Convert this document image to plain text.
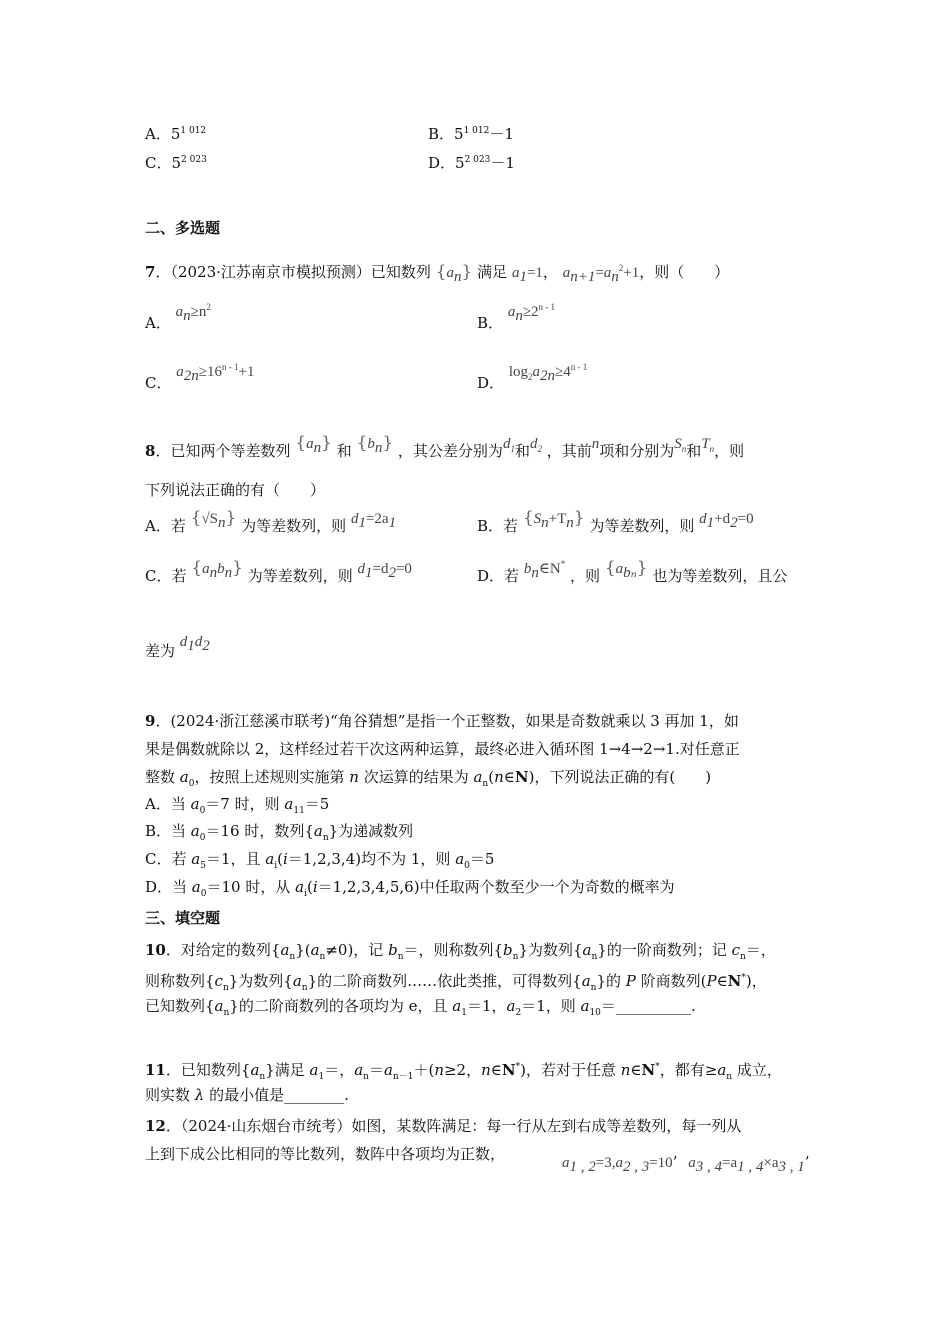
A．$5^{1 012}$	B．$5^{1 012}-1$
C．$5^{2 023}$	D．$5^{2 023}-1$
二、多选题
7．（2023·江苏南京市模拟预测）已知数列 $\{a_n\}$ 满足 $a_1=1$， $a_{n+1}=a_n^2+1$，则（　　）
A． $a_n\ge n^2$
B． $a_n\ge 2^{n - 1}$
C． $a_{2n}\ge 16^{n - 1}+1$
D． $\log_2a_{2n}\ge 4^{n - 1}$
8．已知两个等差数列 $\{a_n\}$ 和 $\{b_n\}$ ，其公差分别为$d_1$和$d_2$ ，其前n项和分别为$S_n$和$T_n$，则
下列说法正确的有（　　）
A．若 $\{√S_n\}$ 为等差数列，则 $d_1=2a_1$	B．若 $\{S_n+T_n\}$ 为等差数列，则 $d_1+d_2=0$
C．若 $\{a_nb_n\}$ 为等差数列，则 $d_1=d_2=0$	D．若 $b_n\in N^*$ ，则 $\{a_{b_n}\}$ 也为等差数列，且公
差为 $d_1d_2$
9．(2024·浙江慈溪市联考)“角谷猜想”是指一个正整数，如果是奇数就乘以 3 再加 1，如
果是偶数就除以 2，这样经过若干次这两种运算，最终必进入循环图 1→4→2→1.对任意正
整数 $a_0$，按照上述规则实施第 n 次运算的结果为 $a_n(n\in N)$，下列说法正确的有(　　)
A．当 $a_0=7$ 时，则 $a_{11}=5$
B．当 $a_0=16$ 时，数列$\{a_n\}$为递减数列
C．若 $a_5=1$，且 $a_i(i=1,2,3,4)$均不为 1，则 $a_0=5$
D．当 $a_0=10$ 时，从 $a_i(i=1,2,3,4,5,6)$中任取两个数至少一个为奇数的概率为
三、填空题
10．对给定的数列$\{a_n\}(a_n\ne 0)$，记 $b_n=$，则称数列$\{b_n\}$为数列$\{a_n\}$的一阶商数列；记 $c_n=$，
则称数列$\{c_n\}$为数列$\{a_n\}$的二阶商数列……依此类推，可得数列$\{a_n\}$的 P 阶商数列(P∈N*)，
已知数列$\{a_n\}$的二阶商数列的各项均为 e，且 $a_1=1$，$a_2=1$，则 $a_{10}=\_\_\_\_\_\_\_\_\_\_$.
11．已知数列$\{a_n\}$满足 $a_1=$，$a_n=a_{n-1}+(n\ge 2$，n∈N*)，若对于任意 n∈N*，都有$\ge a_n$ 成立，
则实数 λ 的最小值是________.
12．（2024·山东烟台市统考）如图，某数阵满足：每一行从左到右成等差数列，每一列从
上到下成公比相同的等比数列，数阵中各项均为正数，	$a_{1 , 2}=3,a_{2 , 3}=10$’ $a_{3 , 4}=a_{1 , 4}\times a_{3 , 1}$’
